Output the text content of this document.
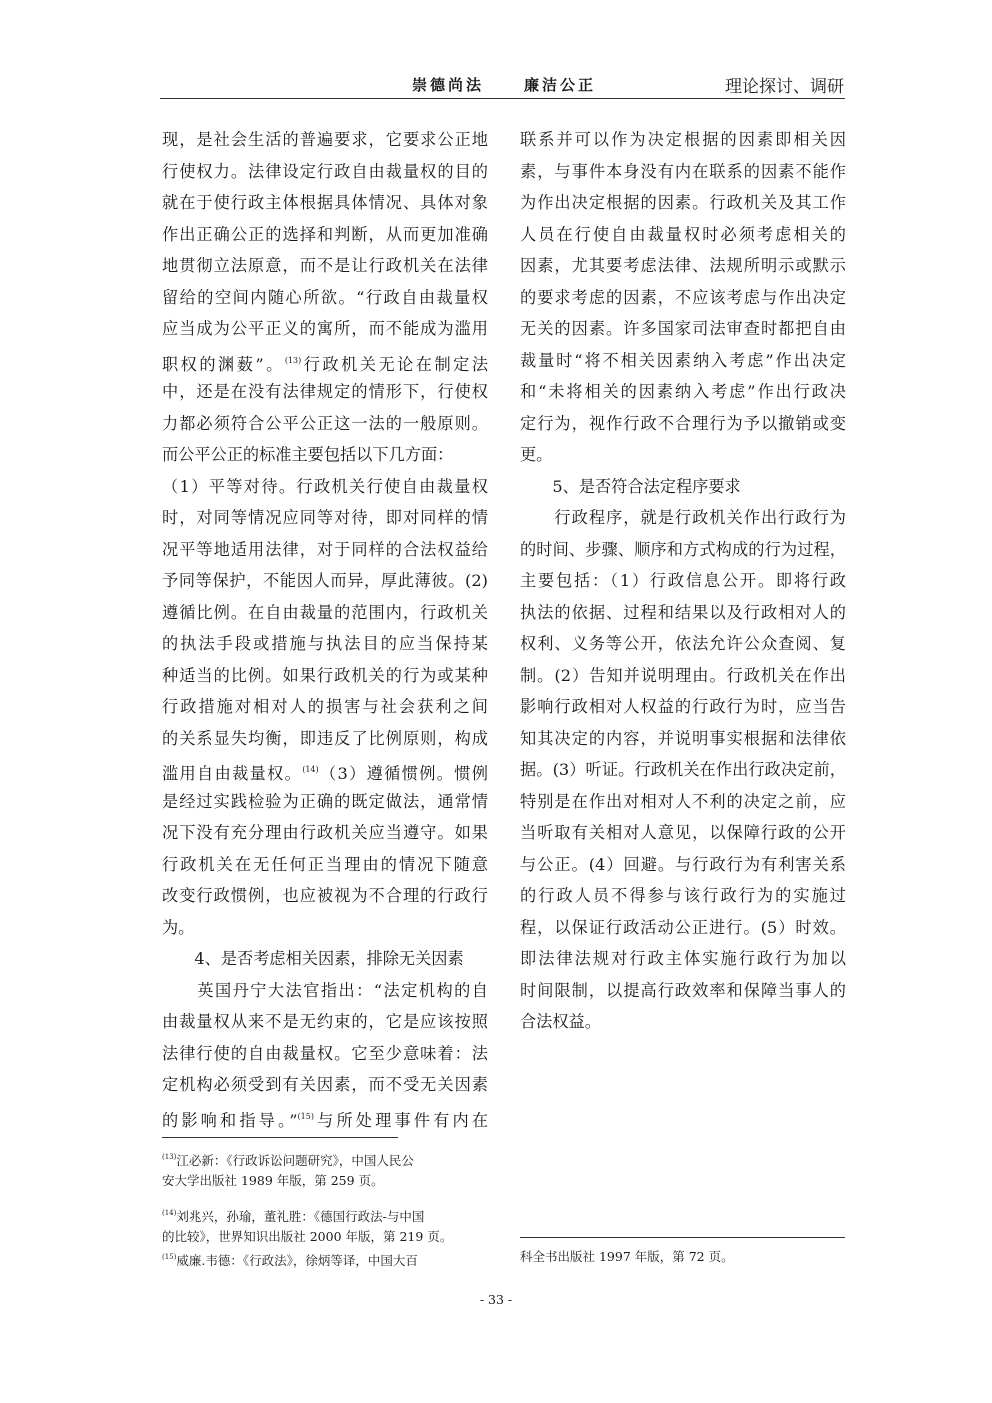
崇德尚法	廉洁公正	理论探讨、调研
现，是社会生活的普遍要求，它要求公正地
行使权力。法律设定行政自由裁量权的目的
就在于使行政主体根据具体情况、具体对象
作出正确公正的选择和判断，从而更加准确
地贯彻立法原意，而不是让行政机关在法律
留给的空间内随心所欲。“行政自由裁量权
应当成为公平正义的寓所，而不能成为滥用
职权的渊薮”。$^{(13)}$行政机关无论在制定法
中，还是在没有法律规定的情形下，行使权
力都必须符合公平公正这一法的一般原则。
而公平公正的标准主要包括以下几方面：
（1）平等对待。行政机关行使自由裁量权
时，对同等情况应同等对待，即对同样的情
况平等地适用法律，对于同样的合法权益给
予同等保护，不能因人而异，厚此薄彼。(2)
遵循比例。在自由裁量的范围内，行政机关
的执法手段或措施与执法目的应当保持某
种适当的比例。如果行政机关的行为或某种
行政措施对相对人的损害与社会获利之间
的关系显失均衡，即违反了比例原则，构成
滥用自由裁量权。$^{(14)}$（3）遵循惯例。惯例
是经过实践检验为正确的既定做法，通常情
况下没有充分理由行政机关应当遵守。如果
行政机关在无任何正当理由的情况下随意
改变行政惯例，也应被视为不合理的行政行
为。
　　4、是否考虑相关因素，排除无关因素
　　英国丹宁大法官指出：“法定机构的自
由裁量权从来不是无约束的，它是应该按照
法律行使的自由裁量权。它至少意味着：法
定机构必须受到有关因素，而不受无关因素
的影响和指导。”$^{(15)}$与所处理事件有内在
联系并可以作为决定根据的因素即相关因
素，与事件本身没有内在联系的因素不能作
为作出决定根据的因素。行政机关及其工作
人员在行使自由裁量权时必须考虑相关的
因素，尤其要考虑法律、法规所明示或默示
的要求考虑的因素，不应该考虑与作出决定
无关的因素。许多国家司法审查时都把自由
裁量时“将不相关因素纳入考虑”作出决定
和“未将相关的因素纳入考虑”作出行政决
定行为，视作行政不合理行为予以撤销或变
更。
　　5、是否符合法定程序要求
　　行政程序，就是行政机关作出行政行为
的时间、步骤、顺序和方式构成的行为过程，
主要包括：（1）行政信息公开。即将行政
执法的依据、过程和结果以及行政相对人的
权利、义务等公开，依法允许公众查阅、复
制。(2）告知并说明理由。行政机关在作出
影响行政相对人权益的行政行为时，应当告
知其决定的内容，并说明事实根据和法律依
据。(3）听证。行政机关在作出行政决定前，
特别是在作出对相对人不利的决定之前，应
当听取有关相对人意见，以保障行政的公开
与公正。(4）回避。与行政行为有利害关系
的行政人员不得参与该行政行为的实施过
程，以保证行政活动公正进行。(5）时效。
即法律法规对行政主体实施行政行为加以
时间限制，以提高行政效率和保障当事人的
合法权益。
$^{(13)}$江必新：《行政诉讼问题研究》，中国人民公
安大学出版社 1989 年版，第 259 页。
$^{(14)}$刘兆兴，孙瑜，董礼胜：《德国行政法-与中国
的比较》，世界知识出版社 2000 年版，第 219 页。
$^{(15)}$威廉.韦德：《行政法》，徐炳等译，中国大百	科全书出版社 1997 年版，第 72 页。
- 33 -
